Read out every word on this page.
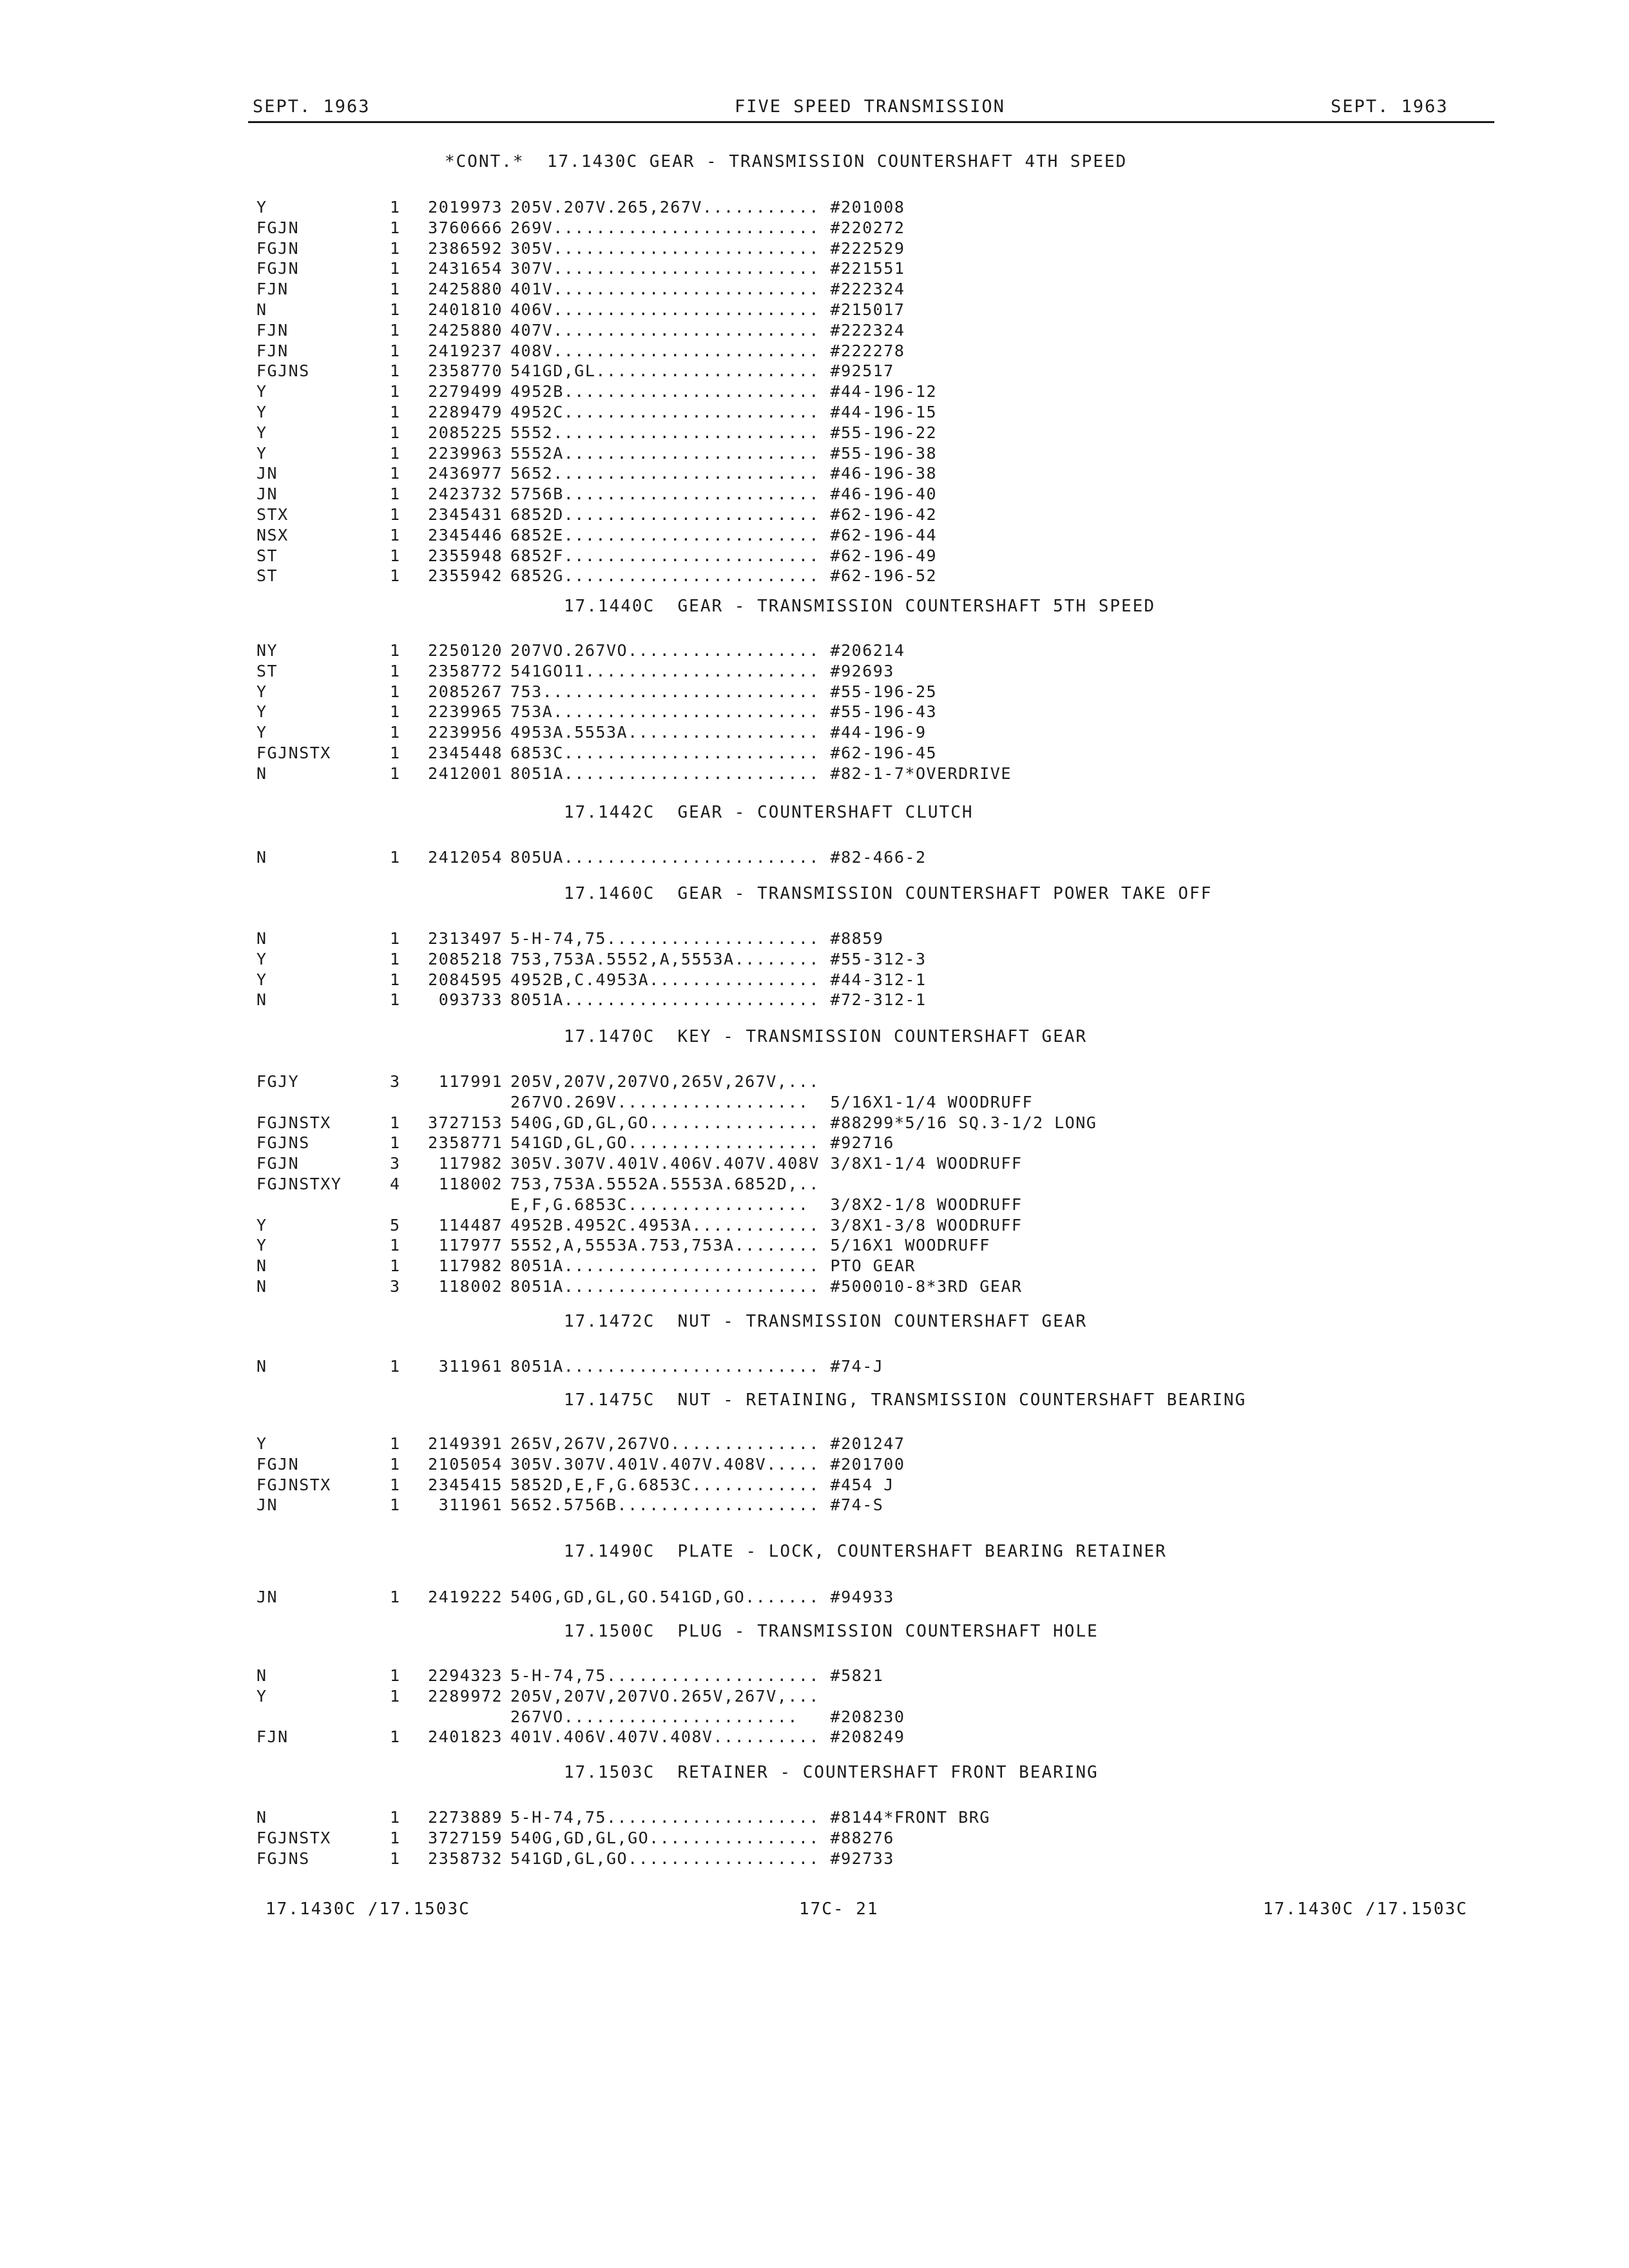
SEPT. 1963	FIVE SPEED TRANSMISSION	SEPT. 1963
*CONT.*  17.1430C GEAR - TRANSMISSION COUNTERSHAFT 4TH SPEED
Y	1	2019973 205V.207V.265,267V........... #201008
FGJN	1	3760666 269V......................... #220272
FGJN	1	2386592 305V......................... #222529
FGJN	1	2431654 307V......................... #221551
FJN	1	2425880 401V......................... #222324
N	1	2401810 406V......................... #215017
FJN	1	2425880 407V......................... #222324
FJN	1	2419237 408V......................... #222278
FGJNS	1	2358770 541GD,GL..................... #92517
Y	1	2279499 4952B........................ #44-196-12
Y	1	2289479 4952C........................ #44-196-15
Y	1	2085225 5552......................... #55-196-22
Y	1	2239963 5552A........................ #55-196-38
JN	1	2436977 5652......................... #46-196-38
JN	1	2423732 5756B........................ #46-196-40
STX	1	2345431 6852D........................ #62-196-42
NSX	1	2345446 6852E........................ #62-196-44
ST	1	2355948 6852F........................ #62-196-49
ST	1	2355942 6852G........................ #62-196-52
17.1440C  GEAR - TRANSMISSION COUNTERSHAFT 5TH SPEED
NY	1	2250120 207VO.267VO.................. #206214
ST	1	2358772 541GO11...................... #92693
Y	1	2085267 753.......................... #55-196-25
Y	1	2239965 753A......................... #55-196-43
Y	1	2239956 4953A.5553A.................. #44-196-9
FGJNSTX	1	2345448 6853C........................ #62-196-45
N	1	2412001 8051A........................ #82-1-7*OVERDRIVE
17.1442C  GEAR - COUNTERSHAFT CLUTCH
N	1	2412054 805UA........................ #82-466-2
17.1460C  GEAR - TRANSMISSION COUNTERSHAFT POWER TAKE OFF
N	1	2313497 5-H-74,75.................... #8859
Y	1	2085218 753,753A.5552,A,5553A........ #55-312-3
Y	1	2084595 4952B,C.4953A................ #44-312-1
N	1	093733 8051A........................ #72-312-1
17.1470C  KEY - TRANSMISSION COUNTERSHAFT GEAR
FGJY	3	117991 205V,207V,207VO,265V,267V,...
267VO.269V..................  5/16X1-1/4 WOODRUFF
FGJNSTX	1	3727153 540G,GD,GL,GO................ #88299*5/16 SQ.3-1/2 LONG
FGJNS	1	2358771 541GD,GL,GO.................. #92716
FGJN	3	117982 305V.307V.401V.406V.407V.408V 3/8X1-1/4 WOODRUFF
FGJNSTXY	4	118002 753,753A.5552A.5553A.6852D,..
E,F,G.6853C.................  3/8X2-1/8 WOODRUFF
Y	5	114487 4952B.4952C.4953A............ 3/8X1-3/8 WOODRUFF
Y	1	117977 5552,A,5553A.753,753A........ 5/16X1 WOODRUFF
N	1	117982 8051A........................ PTO GEAR
N	3	118002 8051A........................ #500010-8*3RD GEAR
17.1472C  NUT - TRANSMISSION COUNTERSHAFT GEAR
N	1	311961 8051A........................ #74-J
17.1475C  NUT - RETAINING, TRANSMISSION COUNTERSHAFT BEARING
Y	1	2149391 265V,267V,267VO.............. #201247
FGJN	1	2105054 305V.307V.401V.407V.408V..... #201700
FGJNSTX	1	2345415 5852D,E,F,G.6853C............ #454 J
JN	1	311961 5652.5756B................... #74-S
17.1490C  PLATE - LOCK, COUNTERSHAFT BEARING RETAINER
JN	1	2419222 540G,GD,GL,GO.541GD,GO....... #94933
17.1500C  PLUG - TRANSMISSION COUNTERSHAFT HOLE
N	1	2294323 5-H-74,75.................... #5821
Y	1	2289972 205V,207V,207VO.265V,267V,...
267VO......................   #208230
FJN	1	2401823 401V.406V.407V.408V.......... #208249
17.1503C  RETAINER - COUNTERSHAFT FRONT BEARING
N	1	2273889 5-H-74,75.................... #8144*FRONT BRG
FGJNSTX	1	3727159 540G,GD,GL,GO................ #88276
FGJNS	1	2358732 541GD,GL,GO.................. #92733
17.1430C /17.1503C	17C- 21	17.1430C /17.1503C
